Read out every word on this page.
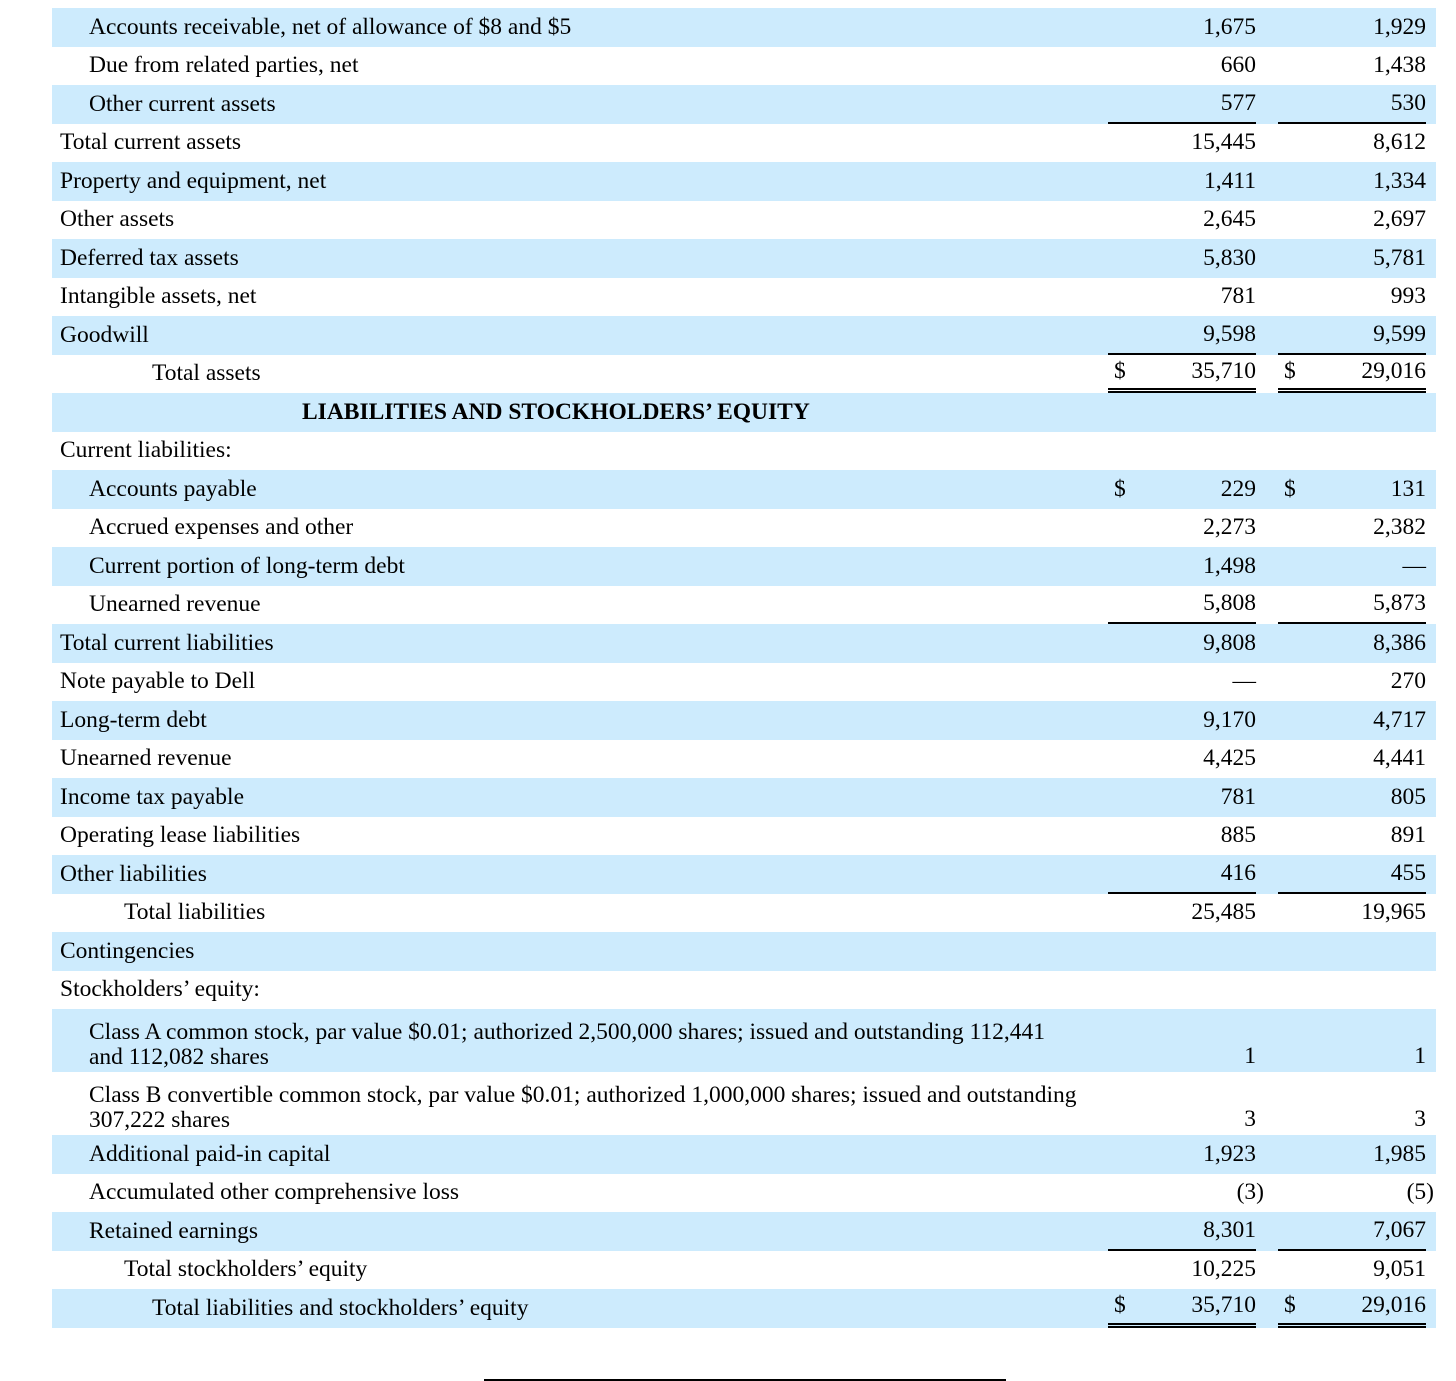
Accounts receivable, net of allowance of $8 and $5	1,675	1,929
Due from related parties, net	660	1,438
Other current assets	577	530
Total current assets	15,445	8,612
Property and equipment, net	1,411	1,334
Other assets	2,645	2,697
Deferred tax assets	5,830	5,781
Intangible assets, net	781	993
Goodwill	9,598	9,599
Total assets	$	35,710 $	29,016
LIABILITIES AND STOCKHOLDERS’ EQUITY
Current liabilities:
Accounts payable	$	229 $	131
Accrued expenses and other	2,273	2,382
Current portion of long-term debt	1,498	—
Unearned revenue	5,808	5,873
Total current liabilities	9,808	8,386
Note payable to Dell	—	270
Long-term debt	9,170	4,717
Unearned revenue	4,425	4,441
Income tax payable	781	805
Operating lease liabilities	885	891
Other liabilities	416	455
Total liabilities	25,485	19,965
Contingencies
Stockholders’ equity:
Class A common stock, par value $0.01; authorized 2,500,000 shares; issued and outstanding 112,441 and 112,082 shares	1	1
Class B convertible common stock, par value $0.01; authorized 1,000,000 shares; issued and outstanding 307,222 shares	3	3
Additional paid-in capital	1,923	1,985
Accumulated other comprehensive loss	(3)	(5)
Retained earnings	8,301	7,067
Total stockholders’ equity	10,225	9,051
Total liabilities and stockholders’ equity	$	35,710 $	29,016
